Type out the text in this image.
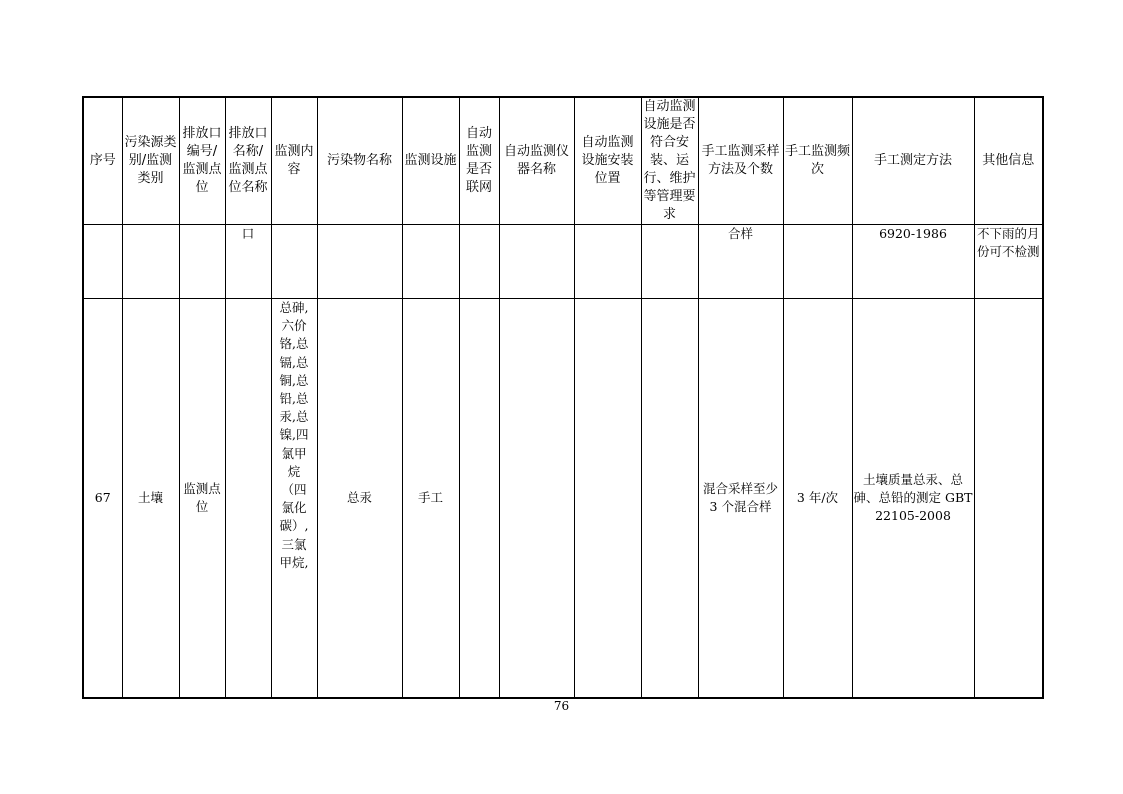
序号	污染源类别/监测类别	排放口编号/监测点位	排放口名称/监测点位名称	监测内容	污染物名称	监测设施	自动监测是否联网	自动监测仪器名称	自动监测设施安装位置	自动监测设施是否符合安装、运行、维护等管理要求	手工监测采样方法及个数	手工监测频次	手工测定方法	其他信息
			口								合样		6920-1986	不下雨的月份可不检测
67	土壤	监测点位		总砷,六价铬,总镉,总铜,总铅,总汞,总镍,四氯甲烷（四氯化碳）,三氯甲烷,	总汞	手工					混合采样至少 3 个混合样	3 年/次	土壤质量总汞、总砷、总铅的测定 GBT22105-2008	
76
